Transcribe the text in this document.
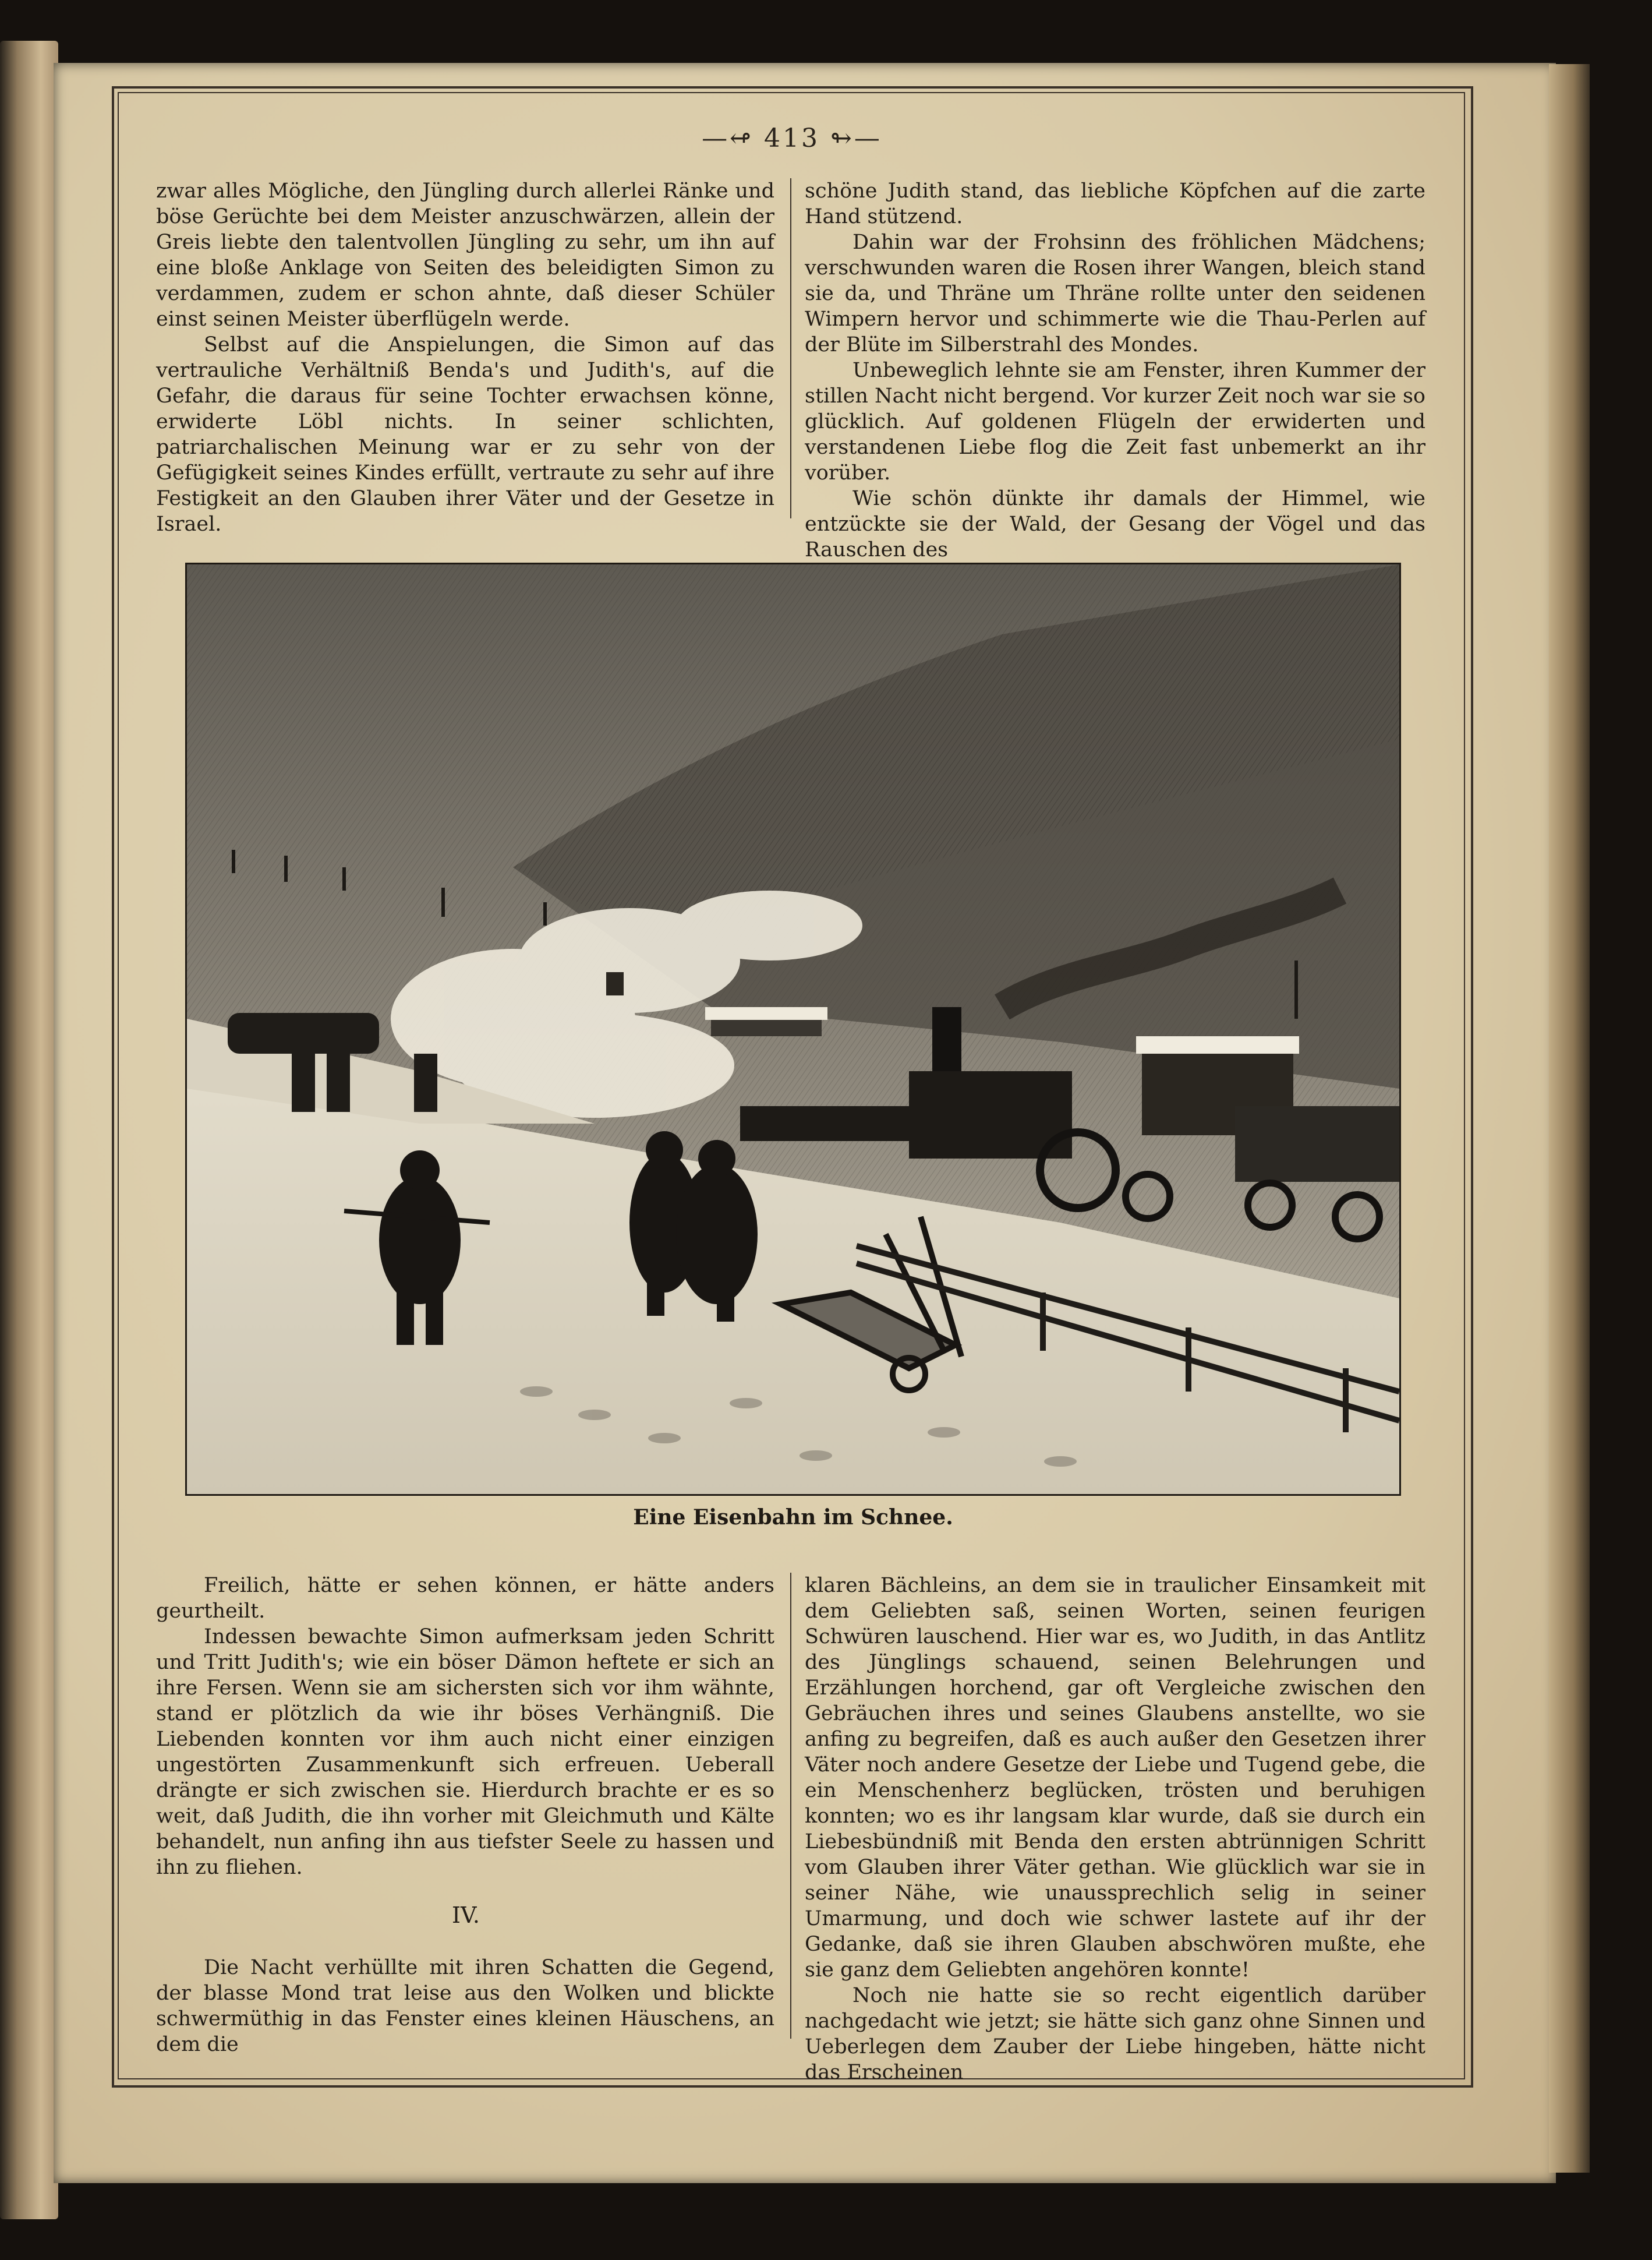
—↫ 413 ↬—

zwar alles Mögliche, den Jüngling durch allerlei Ränke und böse Gerüchte bei dem Meister anzuschwärzen, allein der Greis liebte den talentvollen Jüngling zu sehr, um ihn auf eine bloße Anklage von Seiten des beleidigten Simon zu verdammen, zudem er schon ahnte, daß dieser Schüler einst seinen Meister überflügeln werde.

Selbst auf die Anspielungen, die Simon auf das vertrauliche Verhältniß Benda's und Judith's, auf die Gefahr, die daraus für seine Tochter erwachsen könne, erwiderte Löbl nichts. In seiner schlichten, patriarchalischen Meinung war er zu sehr von der Gefügigkeit seines Kindes erfüllt, vertraute zu sehr auf ihre Festigkeit an den Glauben ihrer Väter und der Gesetze in Israel.

schöne Judith stand, das liebliche Köpfchen auf die zarte Hand stützend.

Dahin war der Frohsinn des fröhlichen Mädchens; verschwunden waren die Rosen ihrer Wangen, bleich stand sie da, und Thräne um Thräne rollte unter den seidenen Wimpern hervor und schimmerte wie die Thau-Perlen auf der Blüte im Silberstrahl des Mondes.

Unbeweglich lehnte sie am Fenster, ihren Kummer der stillen Nacht nicht bergend. Vor kurzer Zeit noch war sie so glücklich. Auf goldenen Flügeln der erwiderten und verstandenen Liebe flog die Zeit fast unbemerkt an ihr vorüber.

Wie schön dünkte ihr damals der Himmel, wie entzückte sie der Wald, der Gesang der Vögel und das Rauschen des

Eine Eisenbahn im Schnee.

Freilich, hätte er sehen können, er hätte anders geurtheilt.

Indessen bewachte Simon aufmerksam jeden Schritt und Tritt Judith's; wie ein böser Dämon heftete er sich an ihre Fersen. Wenn sie am sichersten sich vor ihm wähnte, stand er plötzlich da wie ihr böses Verhängniß. Die Liebenden konnten vor ihm auch nicht einer einzigen ungestörten Zusammenkunft sich erfreuen. Ueberall drängte er sich zwischen sie. Hierdurch brachte er es so weit, daß Judith, die ihn vorher mit Gleichmuth und Kälte behandelt, nun anfing ihn aus tiefster Seele zu hassen und ihn zu fliehen.

IV.

Die Nacht verhüllte mit ihren Schatten die Gegend, der blasse Mond trat leise aus den Wolken und blickte schwermüthig in das Fenster eines kleinen Häuschens, an dem die

klaren Bächleins, an dem sie in traulicher Einsamkeit mit dem Geliebten saß, seinen Worten, seinen feurigen Schwüren lauschend. Hier war es, wo Judith, in das Antlitz des Jünglings schauend, seinen Belehrungen und Erzählungen horchend, gar oft Vergleiche zwischen den Gebräuchen ihres und seines Glaubens anstellte, wo sie anfing zu begreifen, daß es auch außer den Gesetzen ihrer Väter noch andere Gesetze der Liebe und Tugend gebe, die ein Menschenherz beglücken, trösten und beruhigen konnten; wo es ihr langsam klar wurde, daß sie durch ein Liebesbündniß mit Benda den ersten abtrünnigen Schritt vom Glauben ihrer Väter gethan. Wie glücklich war sie in seiner Nähe, wie unaussprechlich selig in seiner Umarmung, und doch wie schwer lastete auf ihr der Gedanke, daß sie ihren Glauben abschwören mußte, ehe sie ganz dem Geliebten angehören konnte!

Noch nie hatte sie so recht eigentlich darüber nachgedacht wie jetzt; sie hätte sich ganz ohne Sinnen und Ueberlegen dem Zauber der Liebe hingeben, hätte nicht das Erscheinen
